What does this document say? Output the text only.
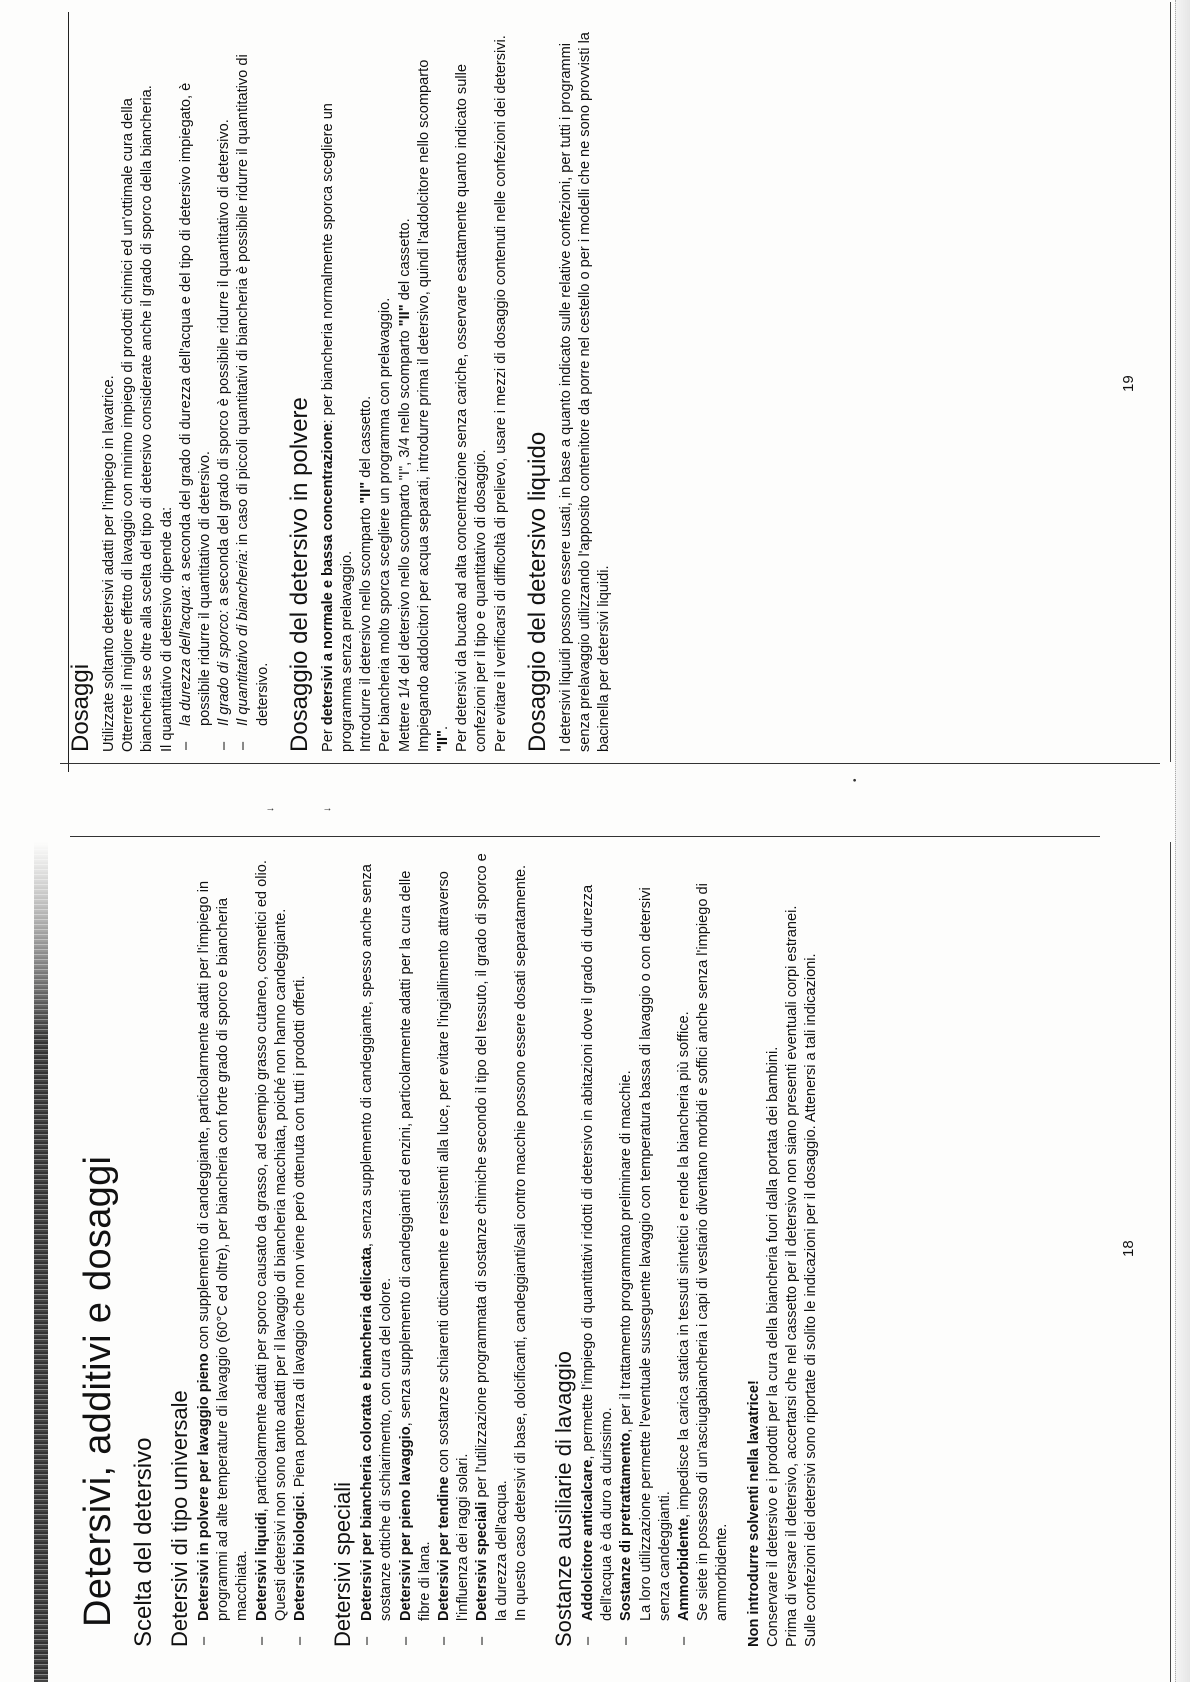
↓	↓
•

Detersivi, additivi e dosaggi Scelta del detersivo Detersivi di tipo universale – Detersivi in polvere per lavaggio pieno con supplemento di candeggiante, particolarmente adatti per l'impiego in programmi ad alte temperature di lavaggio (60°C ed oltre), per biancheria con forte grado di sporco e biancheria macchiata. – Detersivi liquidi, particolarmente adatti per sporco causato da grasso, ad esempio grasso cutaneo, cosmetici ed olio. Questi detersivi non sono tanto adatti per il lavaggio di biancheria macchiata, poiché non hanno candeggiante. – Detersivi biologici. Piena potenza di lavaggio che non viene però ottenuta con tutti i prodotti offerti.

Detersivi speciali – Detersivi per biancheria colorata e biancheria delicata, senza supplemento di candeggiante, spesso anche senza sostanze ottiche di schiarimento, con cura del colore. – Detersivi per pieno lavaggio, senza supplemento di candeggianti ed enzini, particolarmente adatti per la cura delle fibre di lana. – Detersivi per tendine con sostanze schiarenti otticamente e resistenti alla luce, per evitare l'ingiallimento attraverso l'influenza dei raggi solari. – Detersivi speciali per l'utilizzazione programmata di sostanze chimiche secondo il tipo del tessuto, il grado di sporco e la durezza dell'acqua. In questo caso detersivi di base, dolcificanti, candeggianti/sali contro macchie possono essere dosati separatamente. Sostanze ausiliarie di lavaggio – Addolcitore anticalcare, permette l'impiego di quantitativi ridotti di detersivo in abitazioni dove il grado di durezza dell'acqua è da duro a durissimo. – Sostanze di pretrattamento, per il trattamento programmato preliminare di macchie. La loro utilizzazione permette l'eventuale susseguente lavaggio con temperatura bassa di lavaggio o con detersivi senza candeggianti. – Ammorbidente, impedisce la carica statica in tessuti sintetici e rende la biancheria più soffice. Se siete in possesso di un'asciugabiancheria i capi di vestiario diventano morbidi e soffici anche senza l'impiego di ammorbidente. Non introdurre solventi nella lavatrice! Conservare il detersivo e i prodotti per la cura della biancheria fuori dalla portata dei bambini. Prima di versare il detersivo, accertarsi che nel cassetto per il detersivo non siano presenti eventuali corpi estranei. Sulle confezioni dei detersivi sono riportate di solito le indicazioni per il dosaggio. Attenersi a tali indicazioni.	18

Dosaggi Utilizzate soltanto detersivi adatti per l'impiego in lavatrice. Otterrete il migliore effetto di lavaggio con minimo impiego di prodotti chimici ed un'ottimale cura della biancheria se oltre alla scelta del tipo di detersivo considerate anche il grado di sporco della biancheria. Il quantitativo di detersivo dipende da: – la durezza dell'acqua: a seconda del grado di durezza dell'acqua e del tipo di detersivo impiegato, è possibile ridurre il quantitativo di detersivo. – Il grado di sporco: a seconda del grado di sporco è possibile ridurre il quantitativo di detersivo.

– Il quantitativo di biancheria: in caso di piccoli quantitativi di biancheria è possibile ridurre il quantitativo di detersivo. Dosaggio del detersivo in polvere Per detersivi a normale e bassa concentrazione: per biancheria normalmente sporca scegliere un programma senza prelavaggio. Introdurre il detersivo nello scomparto "II" del cassetto. Per biancheria molto sporca scegliere un programma con prelavaggio. Mettere 1/4 del detersivo nello scomparto "I", 3/4 nello scomparto "II" del cassetto. Impiegando addolcitori per acqua separati, introdurre prima il detersivo, quindi l'addolcitore nello scomparto "II". Per detersivi da bucato ad alta concentrazione senza cariche, osservare esattamente quanto indicato sulle confezioni per il tipo e quantitativo di dosaggio. Per evitare il verificarsi di difficoltà di prelievo, usare i mezzi di dosaggio contenuti nelle confezioni dei detersivi. Dosaggio del detersivo liquido I detersivi liquidi possono essere usati, in base a quanto indicato sulle relative confezioni, per tutti i programmi senza prelavaggio utilizzando l'apposito contenitore da porre nel cestello o per i modelli che ne sono provvisti la bacinella per detersivi liquidi.

19
